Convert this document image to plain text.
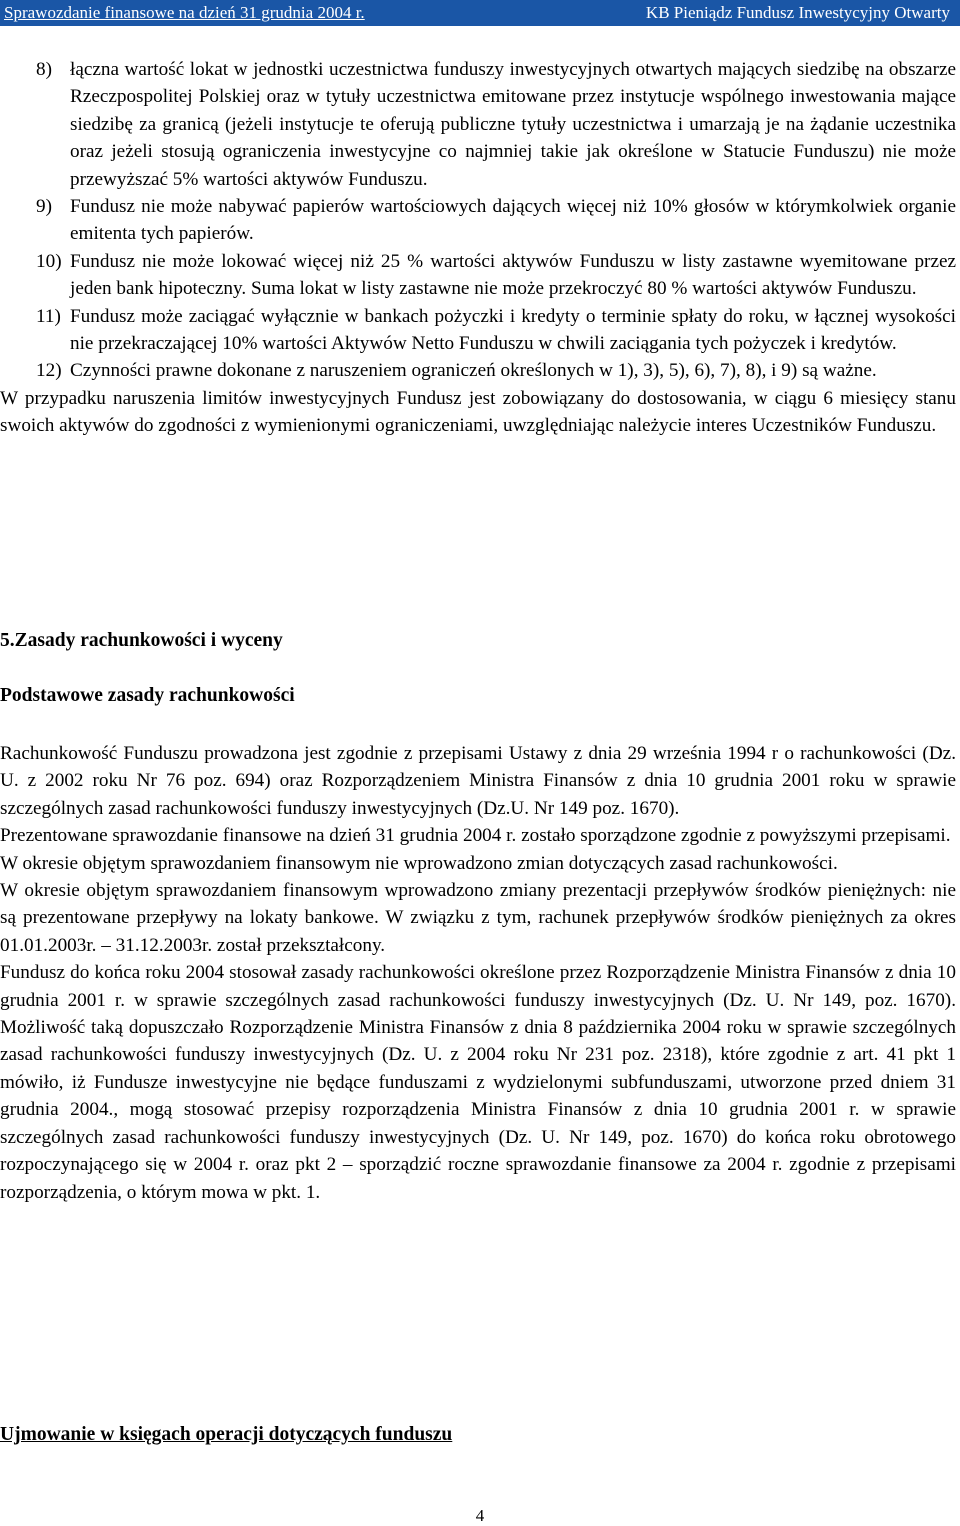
Sprawozdanie finansowe na dzień 31 grudnia 2004 r.	KB Pieniądz Fundusz Inwestycyjny Otwarty
8) łączna wartość lokat w jednostki uczestnictwa funduszy inwestycyjnych otwartych mających siedzibę na obszarze Rzeczpospolitej Polskiej oraz w tytuły uczestnictwa emitowane przez instytucje wspólnego inwestowania mające siedzibę za granicą (jeżeli instytucje te oferują publiczne tytuły uczestnictwa i umarzają je na żądanie uczestnika oraz jeżeli stosują ograniczenia inwestycyjne co najmniej takie jak określone w Statucie Funduszu) nie może przewyższać 5% wartości aktywów Funduszu.
9) Fundusz nie może nabywać papierów wartościowych dających więcej niż 10% głosów w którymkolwiek organie emitenta tych papierów.
10) Fundusz nie może lokować więcej niż 25 % wartości aktywów Funduszu w listy zastawne wyemitowane przez jeden bank hipoteczny. Suma lokat w listy zastawne nie może przekroczyć 80 % wartości aktywów Funduszu.
11) Fundusz może zaciągać wyłącznie w bankach pożyczki i kredyty o terminie spłaty do roku, w łącznej wysokości nie przekraczającej 10% wartości Aktywów Netto Funduszu w chwili zaciągania tych pożyczek i kredytów.
12) Czynności prawne dokonane z naruszeniem ograniczeń określonych w 1), 3), 5), 6), 7), 8), i 9) są ważne.

W przypadku naruszenia limitów inwestycyjnych Fundusz jest zobowiązany do dostosowania, w ciągu 6 miesięcy stanu swoich aktywów do zgodności z wymienionymi ograniczeniami, uwzględniając należycie interes Uczestników Funduszu.

5.Zasady rachunkowości i wyceny
Podstawowe zasady rachunkowości

Rachunkowość Funduszu prowadzona jest zgodnie z przepisami Ustawy z dnia 29 września 1994 r o rachunkowości (Dz. U. z 2002 roku Nr 76 poz. 694) oraz Rozporządzeniem Ministra Finansów z dnia 10 grudnia 2001 roku w sprawie szczególnych zasad rachunkowości funduszy inwestycyjnych (Dz.U. Nr 149 poz. 1670).

Prezentowane sprawozdanie finansowe na dzień 31 grudnia 2004 r. zostało sporządzone zgodnie z powyższymi przepisami.

W okresie objętym sprawozdaniem finansowym nie wprowadzono zmian dotyczących zasad rachunkowości.

W okresie objętym sprawozdaniem finansowym wprowadzono zmiany prezentacji przepływów środków pieniężnych: nie są prezentowane przepływy na lokaty bankowe. W związku z tym, rachunek przepływów środków pieniężnych za okres 01.01.2003r. – 31.12.2003r. został przekształcony.

Fundusz do końca roku 2004 stosował zasady rachunkowości określone przez Rozporządzenie Ministra Finansów z dnia 10 grudnia 2001 r. w sprawie szczególnych zasad rachunkowości funduszy inwestycyjnych (Dz. U. Nr 149, poz. 1670). Możliwość taką dopuszczało Rozporządzenie Ministra Finansów z dnia 8 października 2004 roku w sprawie szczególnych zasad rachunkowości funduszy inwestycyjnych (Dz. U. z 2004 roku Nr 231 poz. 2318), które zgodnie z art. 41 pkt 1 mówiło, iż Fundusze inwestycyjne nie będące funduszami z wydzielonymi subfunduszami, utworzone przed dniem 31 grudnia 2004., mogą stosować przepisy rozporządzenia Ministra Finansów z dnia 10 grudnia 2001 r. w sprawie szczególnych zasad rachunkowości funduszy inwestycyjnych (Dz. U. Nr 149, poz. 1670) do końca roku obrotowego rozpoczynającego się w 2004 r. oraz pkt 2 – sporządzić roczne sprawozdanie finansowe za 2004 r. zgodnie z przepisami rozporządzenia, o którym mowa w pkt. 1.

Ujmowanie w księgach operacji dotyczących funduszu
4
